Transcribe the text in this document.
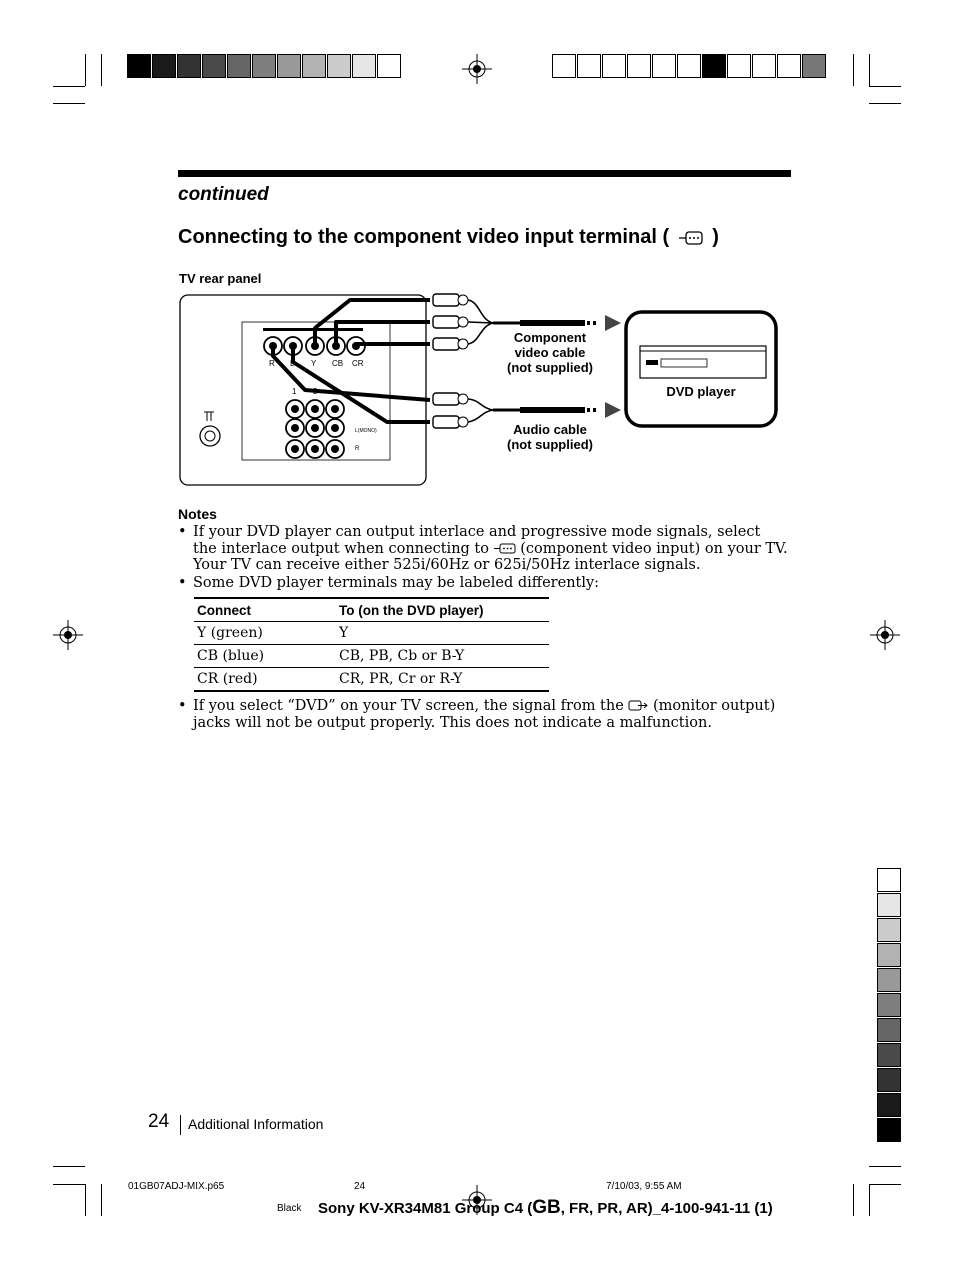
continued
Connecting to the component video input terminal ( )
TV rear panel
R L Y CB CR
1 2
L(MONO)
R
Component
video cable
(not supplied)
Audio cable
(not supplied)
DVD player
Notes
• If your DVD player can output interlace and progressive mode signals, select the interlace output when connecting to (component video input) on your TV. Your TV can receive either 525i/60Hz or 625i/50Hz interlace signals.
• Some DVD player terminals may be labeled differently:
Connect	To (on the DVD player)
Y (green)	Y
CB (blue)	CB, PB, Cb or B-Y
CR (red)	CR, PR, Cr or R-Y
• If you select “DVD” on your TV screen, the signal from the (monitor output) jacks will not be output properly. This does not indicate a malfunction.
24 Additional Information
01GB07ADJ-MIX.p65	24	7/10/03, 9:55 AM
Black Sony KV-XR34M81 Group C4 (GB, FR, PR, AR)_4-100-941-11 (1)
